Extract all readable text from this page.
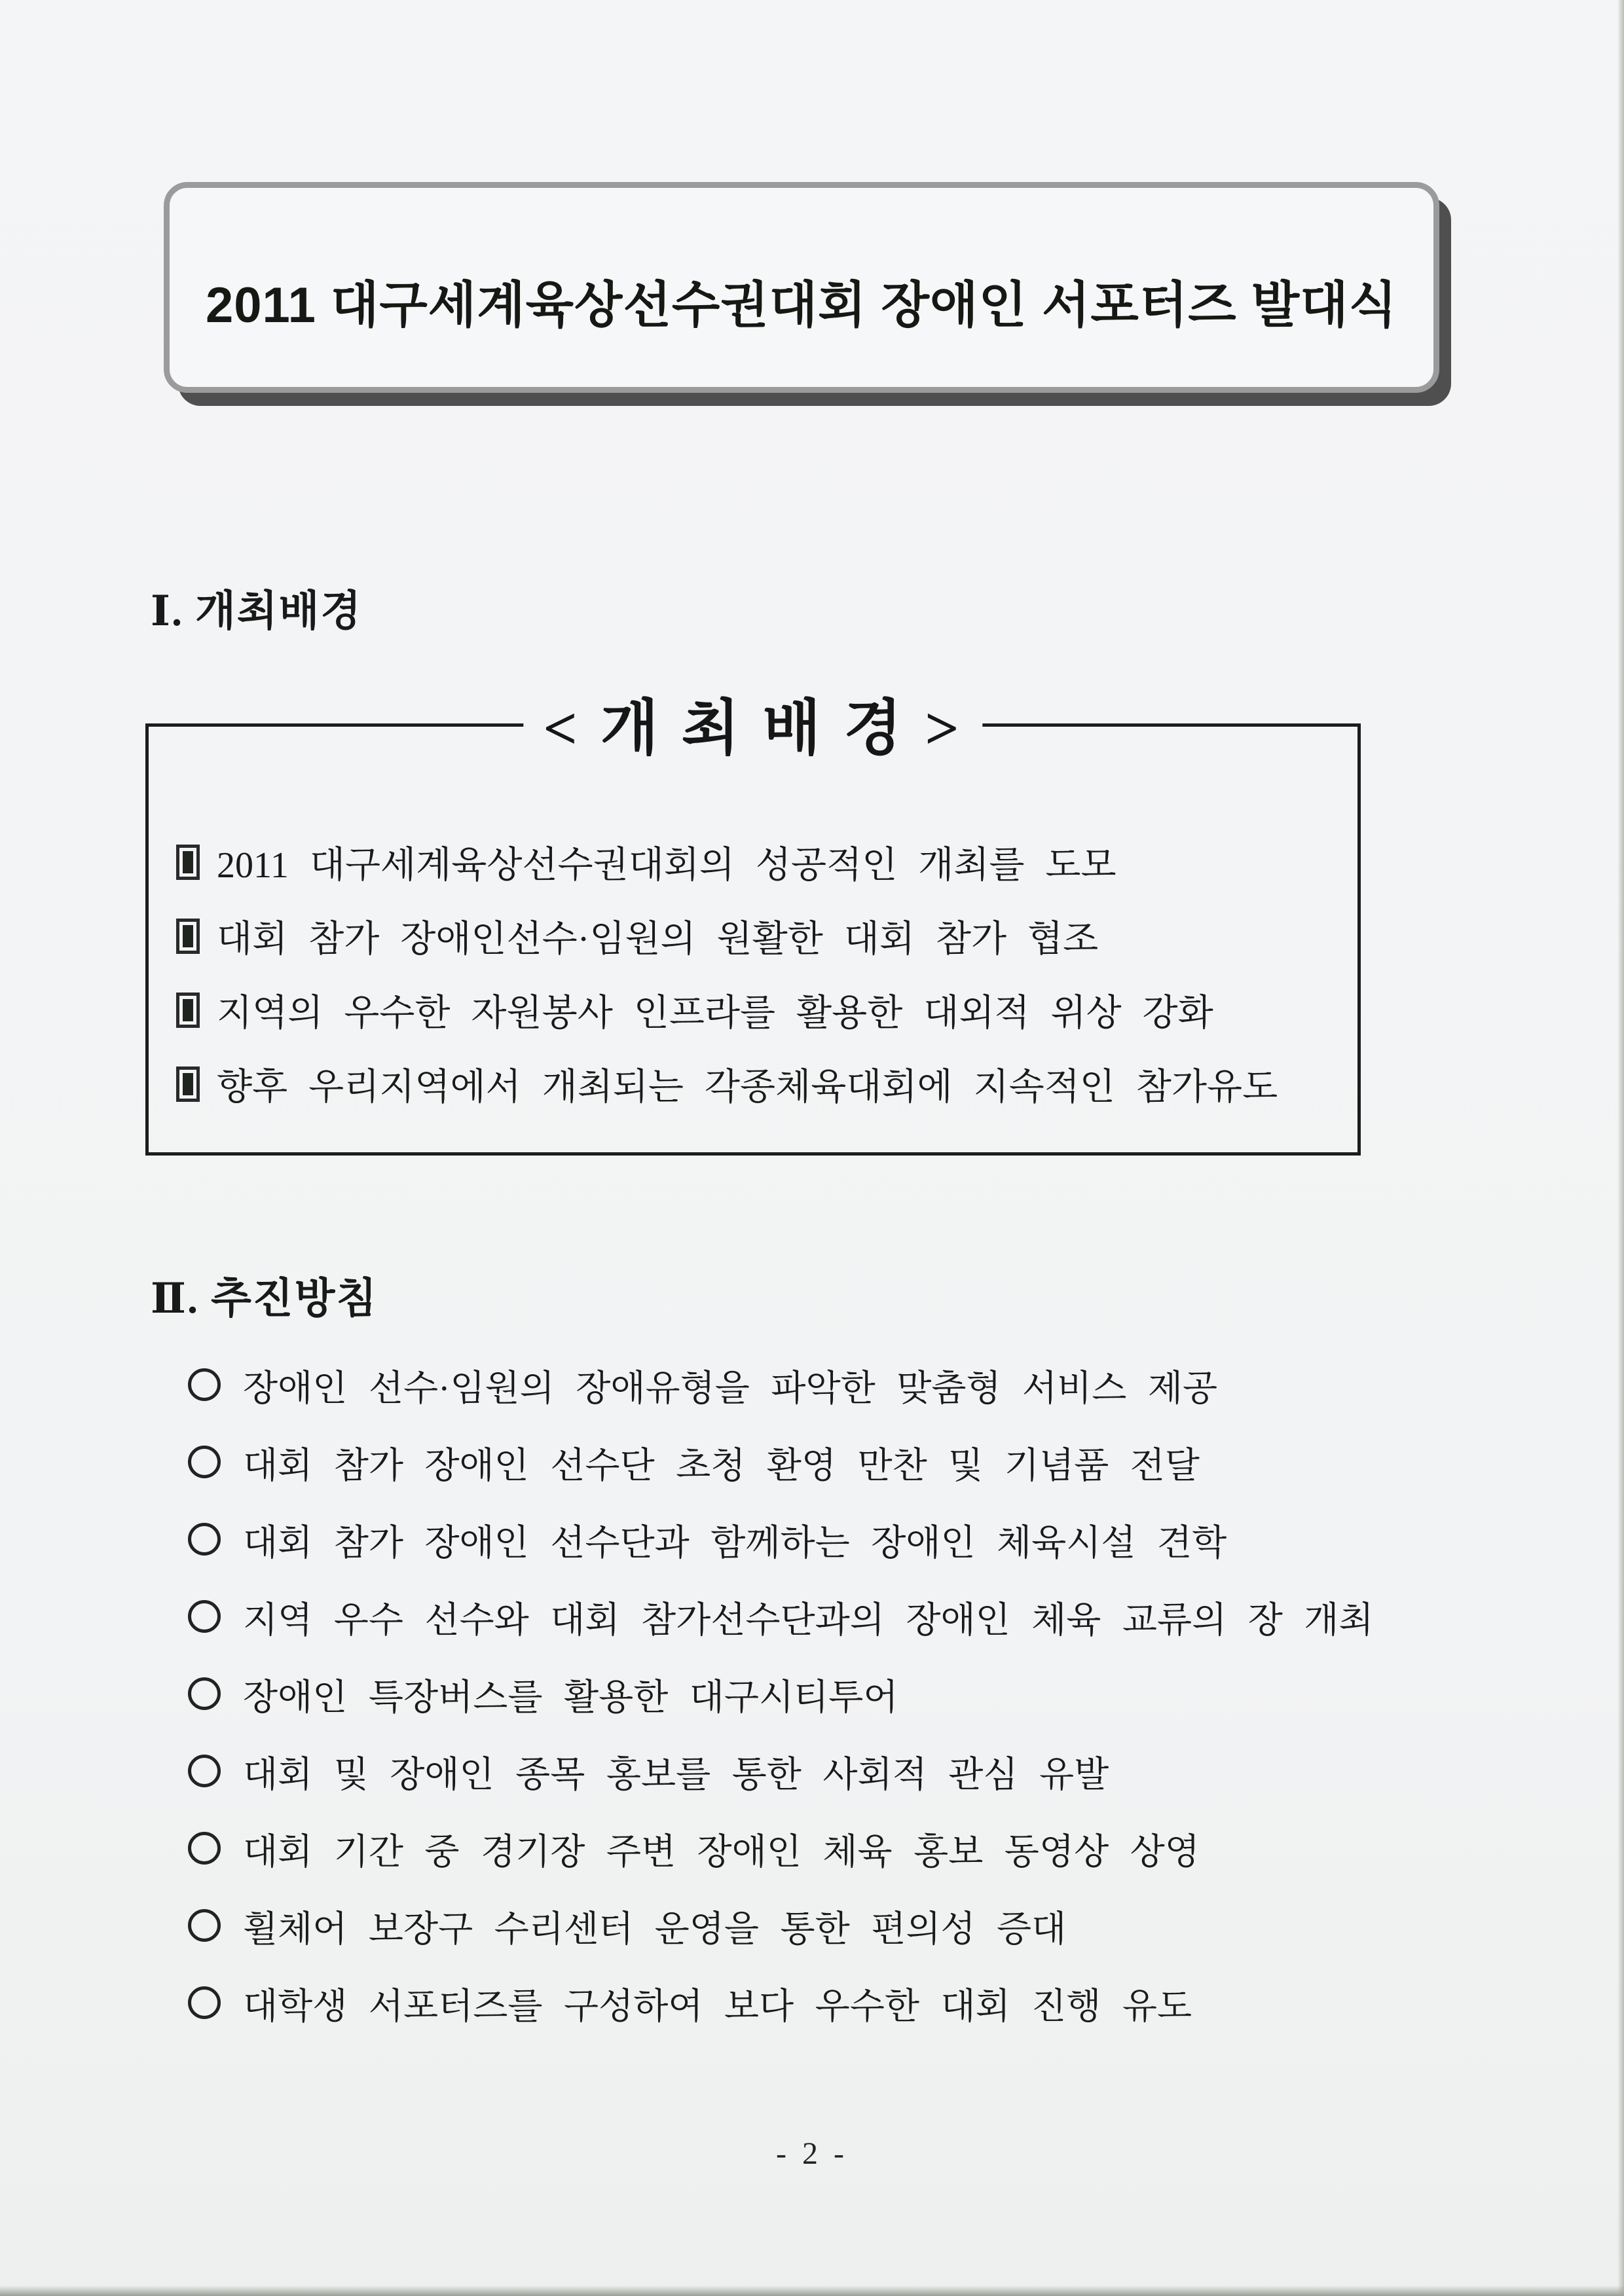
2011 대구세계육상선수권대회 장애인 서포터즈 발대식
Ⅰ. 개최배경
< 개 최 배 경 >
2011 대구세계육상선수권대회의 성공적인 개최를 도모
대회 참가 장애인선수·임원의 원활한 대회 참가 협조
지역의 우수한 자원봉사 인프라를 활용한 대외적 위상 강화
향후 우리지역에서 개최되는 각종체육대회에 지속적인 참가유도
Ⅱ. 추진방침
장애인 선수·임원의 장애유형을 파악한 맞춤형 서비스 제공
대회 참가 장애인 선수단 초청 환영 만찬 및 기념품 전달
대회 참가 장애인 선수단과 함께하는 장애인 체육시설 견학
지역 우수 선수와 대회 참가선수단과의 장애인 체육 교류의 장 개최
장애인 특장버스를 활용한 대구시티투어
대회 및 장애인 종목 홍보를 통한 사회적 관심 유발
대회 기간 중 경기장 주변 장애인 체육 홍보 동영상 상영
휠체어 보장구 수리센터 운영을 통한 편의성 증대
대학생 서포터즈를 구성하여 보다 우수한 대회 진행 유도
- 2 -
